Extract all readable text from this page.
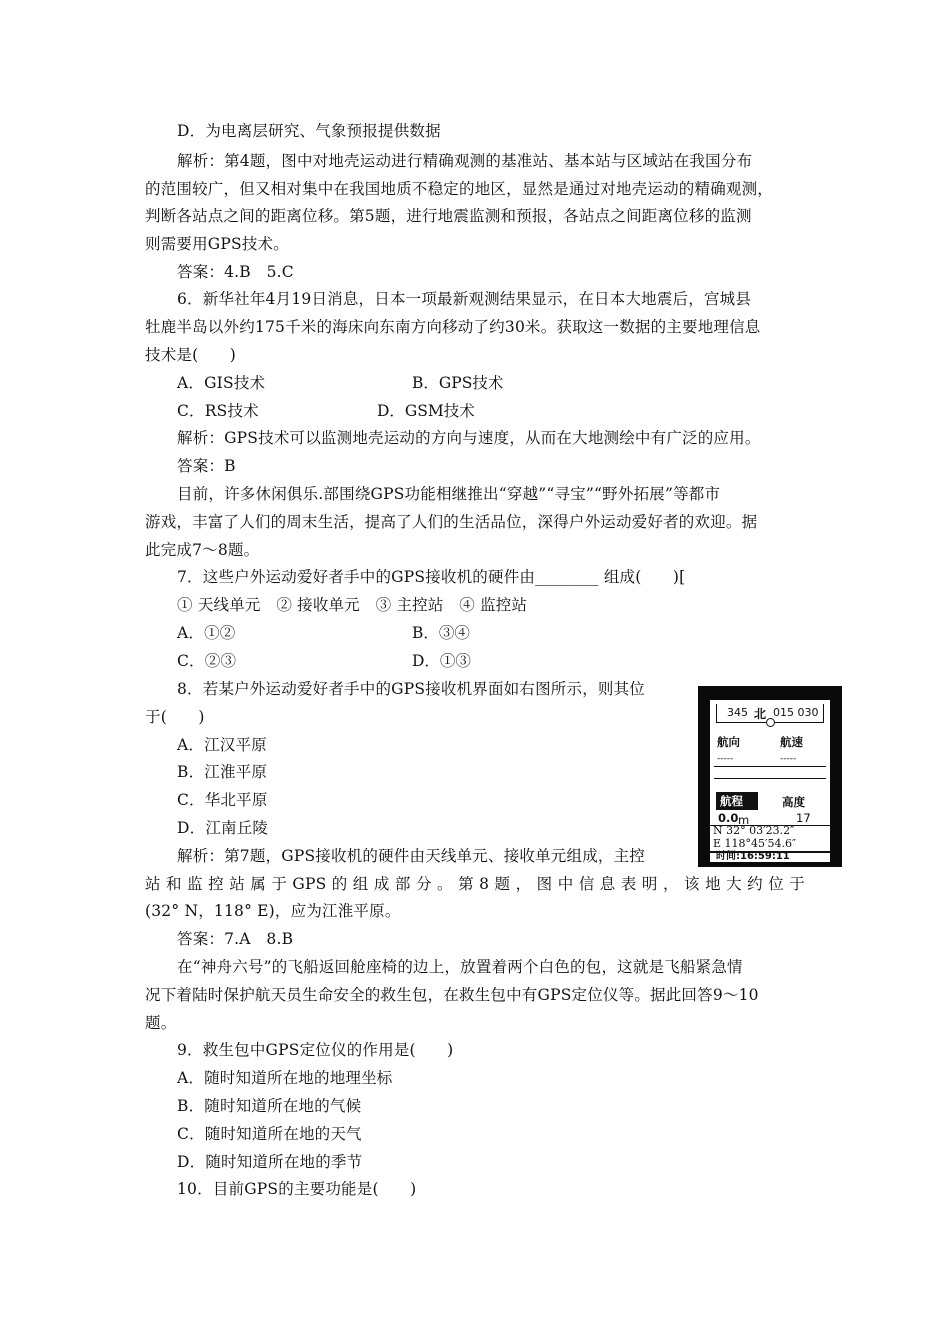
D．为电离层研究、气象预报提供数据
解析：第4题，图中对地壳运动进行精确观测的基准站、基本站与区域站在我国分布
的范围较广，但又相对集中在我国地质不稳定的地区，显然是通过对地壳运动的精确观测，
判断各站点之间的距离位移。第5题，进行地震监测和预报，各站点之间距离位移的监测
则需要用GPS技术。
答案：4.B　5.C
6．新华社年4月19日消息，日本一项最新观测结果显示，在日本大地震后，宫城县
牡鹿半岛以外约175千米的海床向东南方向移动了约30米。获取这一数据的主要地理信息
技术是(　　)
A．GIS技术	B．GPS技术
C．RS技术	D．GSM技术
解析：GPS技术可以监测地壳运动的方向与速度，从而在大地测绘中有广泛的应用。
答案：B
目前，许多休闲俱乐.部围绕GPS功能相继推出“穿越”“寻宝”“野外拓展”等都市
游戏，丰富了人们的周末生活，提高了人们的生活品位，深得户外运动爱好者的欢迎。据
此完成7～8题。
7．这些户外运动爱好者手中的GPS接收机的硬件由________ 组成(　　)[
① 天线单元　② 接收单元　③ 主控站　④ 监控站
A．①②	B．③④
C．②③	D．①③
8．若某户外运动爱好者手中的GPS接收机界面如右图所示，则其位
于(　　)
A．江汉平原
B．江淮平原
C．华北平原
D．江南丘陵
解析：第7题，GPS接收机的硬件由天线单元、接收单元组成，主控
站和监控站属于GPS的组成部分。第8题，图中信息表明，该地大约位于
(32° N，118° E)，应为江淮平原。
答案：7.A　8.B
在“神舟六号”的飞船返回舱座椅的边上，放置着两个白色的包，这就是飞船紧急情
况下着陆时保护航天员生命安全的救生包，在救生包中有GPS定位仪等。据此回答9～10
题。
9．救生包中GPS定位仪的作用是(　　)
A．随时知道所在地的地理坐标
B．随时知道所在地的气候
C．随时知道所在地的天气
D．随时知道所在地的季节
10．目前GPS的主要功能是(　　)
345 北 015 030
航向	航速
-----	-----
航程	高度
0.0 m	17
N 32° 03′23.2″
E 118°45′54.6″
时间:16:59:11
